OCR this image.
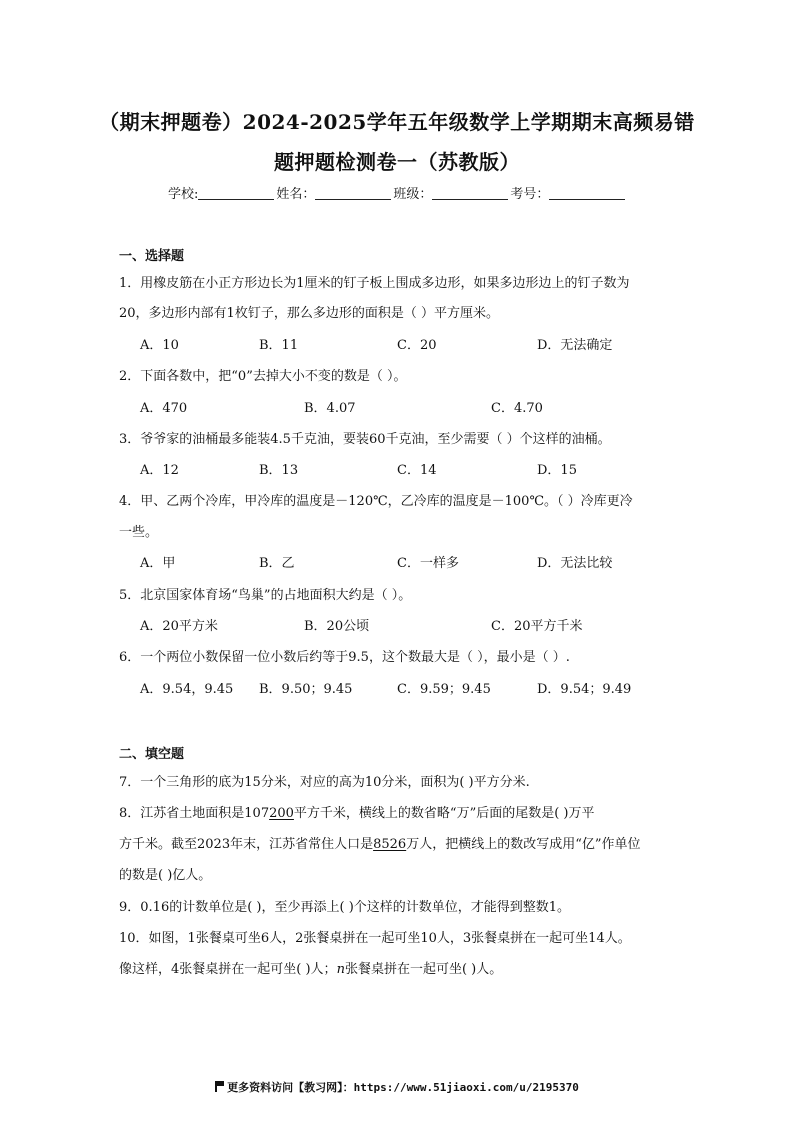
（期末押题卷）2024-2025学年五年级数学上学期期末高频易错
题押题检测卷一（苏教版）
学校:	姓名：	班级：	考号：
一、选择题
1．用橡皮筋在小正方形边长为1厘米的钉子板上围成多边形，如果多边形边上的钉子数为
20，多边形内部有1枚钉子，那么多边形的面积是（ ）平方厘米。
A．10	B．11	C．20	D．无法确定
2．下面各数中，把“0”去掉大小不变的数是（ ）。
A．470	B．4.07	C．4.70
3．爷爷家的油桶最多能装4.5千克油，要装60千克油，至少需要（ ）个这样的油桶。
A．12	B．13	C．14	D．15
4．甲、乙两个冷库，甲冷库的温度是－120℃，乙冷库的温度是－100℃。（ ）冷库更冷
一些。
A．甲	B．乙	C．一样多	D．无法比较
5．北京国家体育场“鸟巢”的占地面积大约是（ ）。
A．20平方米	B．20公顷	C．20平方千米
6．一个两位小数保留一位小数后约等于9.5，这个数最大是（ ），最小是（ ）.
A．9.54，9.45 B．9.50；9.45	C．9.59；9.45	D．9.54；9.49
二、填空题
7．一个三角形的底为15分米，对应的高为10分米，面积为( )平方分米.
8．江苏省土地面积是107200平方千米，横线上的数省略“万”后面的尾数是( )万平
方千米。截至2023年末，江苏省常住人口是8526万人，把横线上的数改写成用“亿”作单位
的数是( )亿人。
9．0.16的计数单位是( )，至少再添上( )个这样的计数单位，才能得到整数1。
10．如图，1张餐桌可坐6人，2张餐桌拼在一起可坐10人，3张餐桌拼在一起可坐14人。
像这样，4张餐桌拼在一起可坐( )人；n张餐桌拼在一起可坐( )人。
更多资料访问【教习网】：https://www.51jiaoxi.com/u/2195370
